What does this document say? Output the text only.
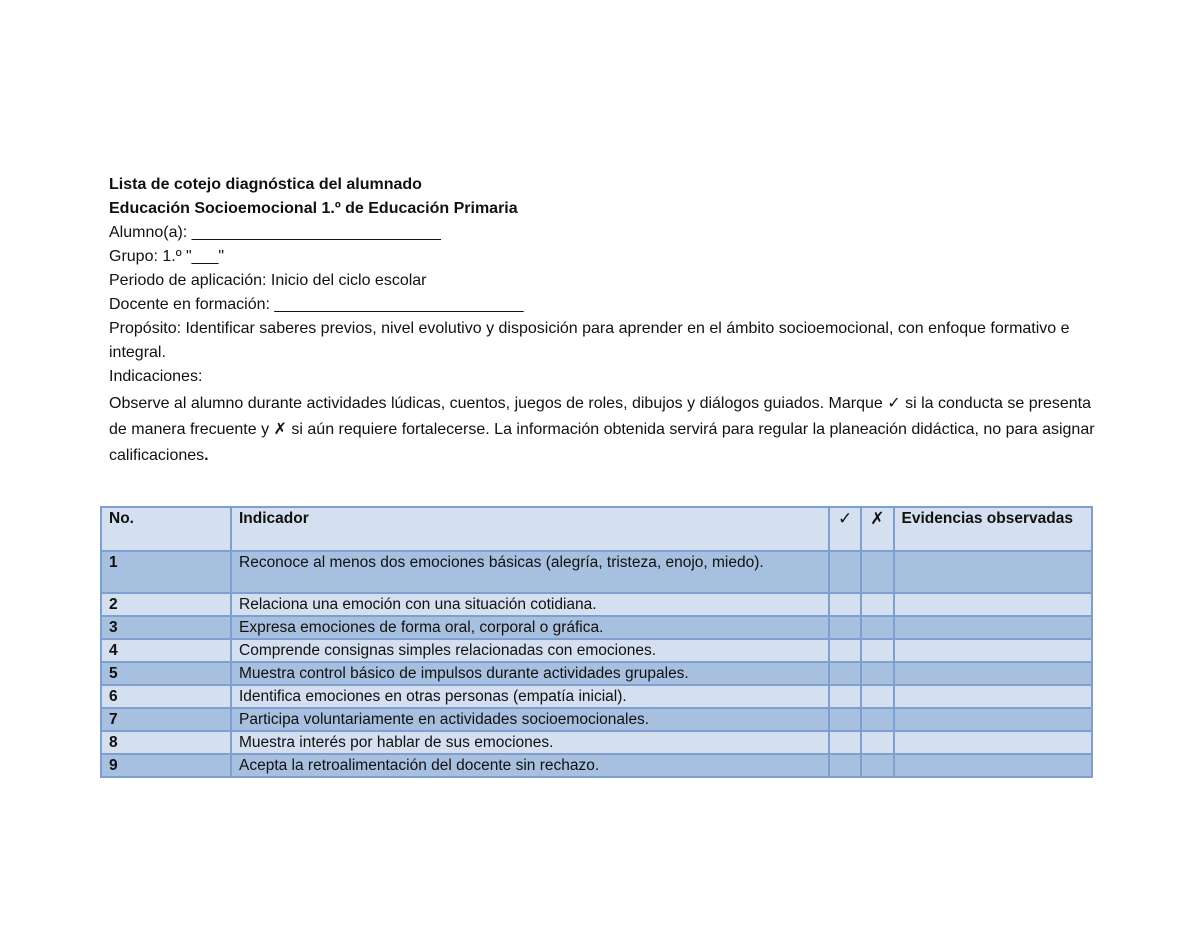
Lista de cotejo diagnóstica del alumnado

Educación Socioemocional 1.º de Educación Primaria

Alumno(a): ____________________________

Grupo: 1.º "___"

Periodo de aplicación: Inicio del ciclo escolar

Docente en formación: ____________________________

Propósito: Identificar saberes previos, nivel evolutivo y disposición para aprender en el ámbito socioemocional, con enfoque formativo e integral.

Indicaciones:

Observe al alumno durante actividades lúdicas, cuentos, juegos de roles, dibujos y diálogos guiados. Marque ✓ si la conducta se presenta de manera frecuente y ✗ si aún requiere fortalecerse. La información obtenida servirá para regular la planeación didáctica, no para asignar calificaciones.

No.	Indicador	✓	✗	Evidencias observadas
1	Reconoce al menos dos emociones básicas (alegría, tristeza, enojo, miedo).			
2	Relaciona una emoción con una situación cotidiana.			
3	Expresa emociones de forma oral, corporal o gráfica.			
4	Comprende consignas simples relacionadas con emociones.			
5	Muestra control básico de impulsos durante actividades grupales.			
6	Identifica emociones en otras personas (empatía inicial).			
7	Participa voluntariamente en actividades socioemocionales.			
8	Muestra interés por hablar de sus emociones.			
9	Acepta la retroalimentación del docente sin rechazo.			
